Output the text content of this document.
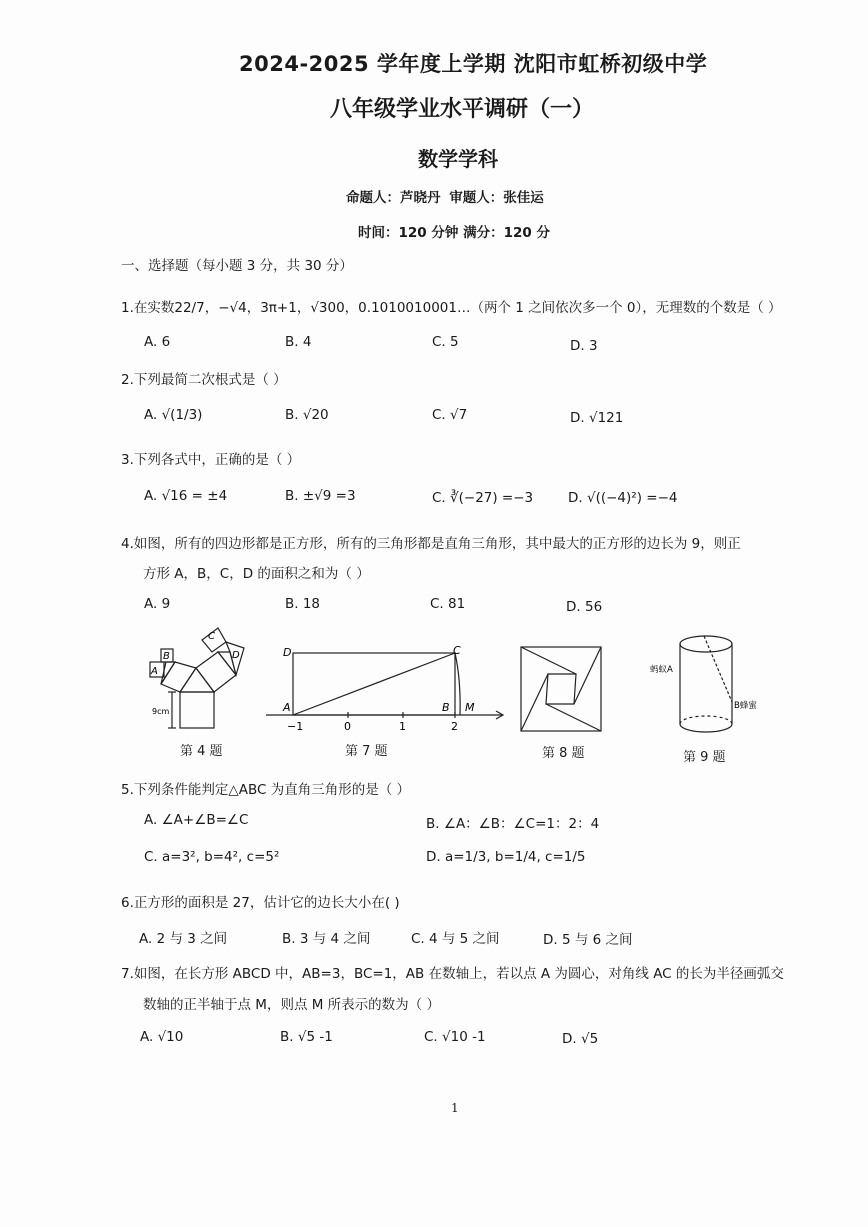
2024-2025 学年度上学期 沈阳市虹桥初级中学
八年级学业水平调研（一）
数学学科
命题人：芦晓丹 审题人：张佳运
时间：120 分钟 满分：120 分
一、选择题（每小题 3 分，共 30 分）
1.在实数22/7，−√4，3π+1，√300，0.1010010001…（两个 1 之间依次多一个 0），无理数的个数是（ ）
A. 6	B. 4	C. 5	D. 3
2.下列最简二次根式是（ ）
A. √(1/3)	B. √20	C. √7	D. √121
3.下列各式中，正确的是（ ）
A. √16 = ±4	B. ±√9 =3	C. ∛(−27) =−3	D. √((−4)²) =−4
4.如图，所有的四边形都是正方形，所有的三角形都是直角三角形，其中最大的正方形的边长为 9，则正
方形 A，B，C，D 的面积之和为（ ）
A. 9	B. 18	C. 81	D. 56
A
B
C
D
9cm
第 4 题
D	C
A	B M
−1	0	1	2
第 7 题	第 8 题
蚂蚁A
B蜂蜜
第 9 题
5.下列条件能判定△ABC 为直角三角形的是（ ）
A. ∠A+∠B=∠C	B. ∠A：∠B：∠C=1：2：4
C. a=3², b=4², c=5²	D. a=1/3, b=1/4, c=1/5
6.正方形的面积是 27，估计它的边长大小在( )
A. 2 与 3 之间	B. 3 与 4 之间	C. 4 与 5 之间	D. 5 与 6 之间
7.如图，在长方形 ABCD 中，AB=3，BC=1，AB 在数轴上，若以点 A 为圆心，对角线 AC 的长为半径画弧交
数轴的正半轴于点 M，则点 M 所表示的数为（ ）
A. √10	B. √5 -1	C. √10 -1	D. √5
1
